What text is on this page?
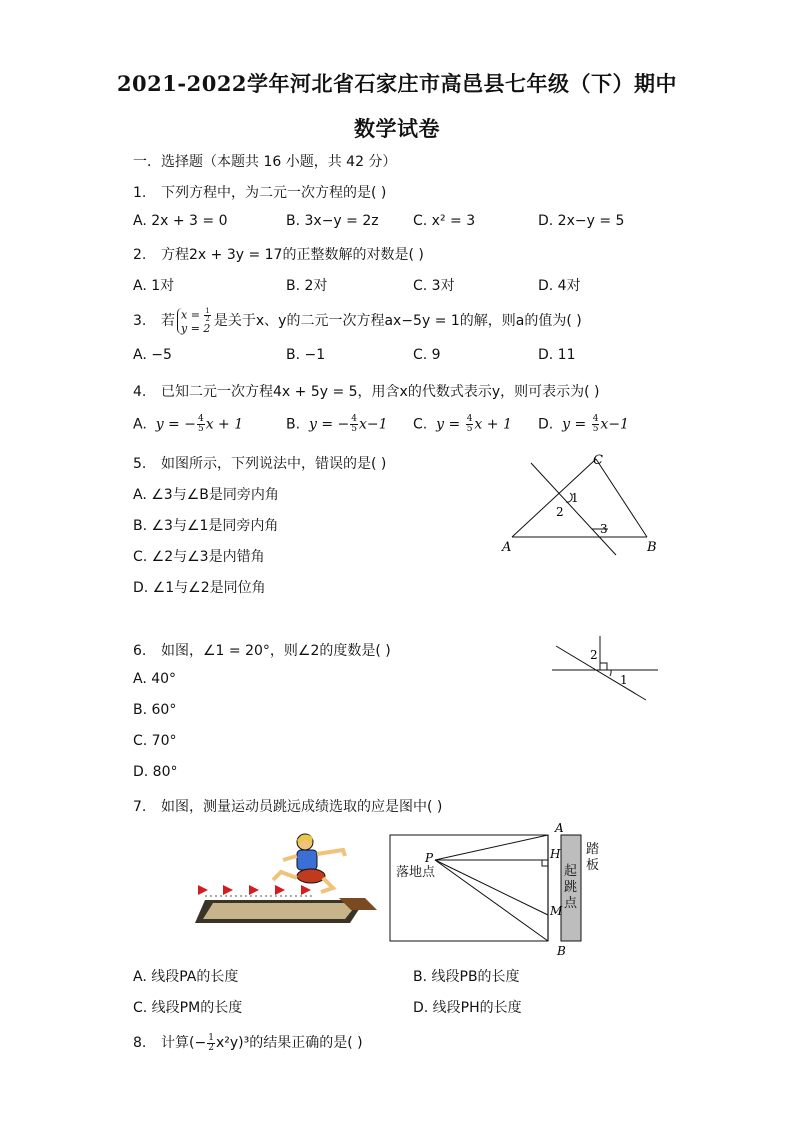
2021-2022学年河北省石家庄市高邑县七年级（下）期中
数学试卷
一．选择题（本题共 16 小题，共 42 分）
1. 下列方程中，为二元一次方程的是( )
A. 2x + 3 = 0	B. 3x−y = 2z C. x² = 3	D. 2x−y = 5
2. 方程2x + 3y = 17的正整数解的对数是( )
A. 1对	B. 2对	C. 3对	D. 4对
3. 若 $x = \frac{1}{2}$
y = 2 是关于x、y的二元一次方程ax−5y = 1的解，则a的值为( )
A. −5	B. −1	C. 9	D. 11
4. 已知二元一次方程4x + 5y = 5，用含x的代数式表示y，则可表示为( )
A. y = − $\frac{4}{5}$ x + 1	B. y = − $\frac{4}{5} x-1$ C. $y = \frac{4}{5}$ x + 1 D. $y = \frac{4}{5} x-1$
5. 如图所示，下列说法中，错误的是( )
A. ∠3与∠B是同旁内角
B. ∠3与∠1是同旁内角
C. ∠2与∠3是内错角
D. ∠1与∠2是同位角
C
A	B
1
2
3
6. 如图，∠1 = 20°，则∠2的度数是( )
A. 40°
B. 60°
C. 70°
D. 80°
2
1
7. 如图，测量运动员跳远成绩选取的应是图中( )
P
A
H
M
B
落地点	起跳点
踏板
A. 线段PA的长度	B. 线段PB的长度
C. 线段PM的长度	D. 线段PH的长度
8. 计算(− $\frac{1}{2} x^2y)^3$的结果正确的是( )
